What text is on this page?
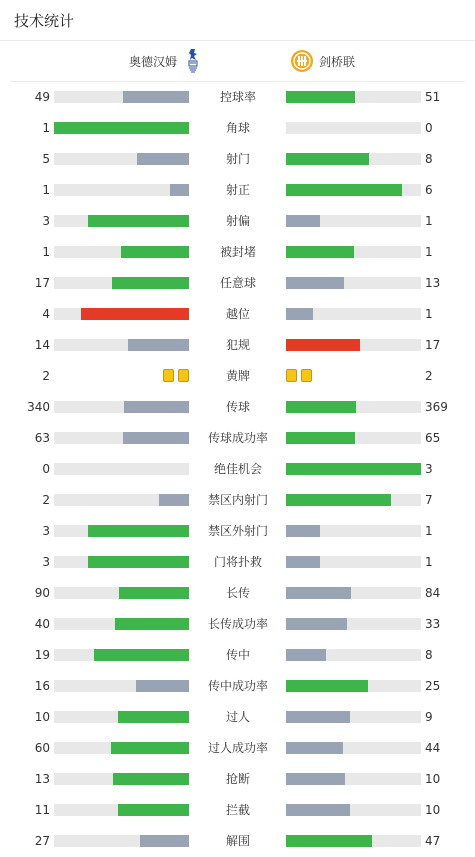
技术统计
奥德汉姆	剑桥联
49	控球率	51
1	角球	0
5	射门	8
1	射正	6
3	射偏	1
1	被封堵	1
17	任意球	13
4	越位	1
14	犯规	17
2	黄牌	2
340	传球	369
63	传球成功率	65
0	绝佳机会	3
2	禁区内射门	7
3	禁区外射门	1
3	门将扑救	1
90	长传	84
40	长传成功率	33
19	传中	8
16	传中成功率	25
10	过人	9
60	过人成功率	44
13	抢断	10
11	拦截	10
27	解围	47
